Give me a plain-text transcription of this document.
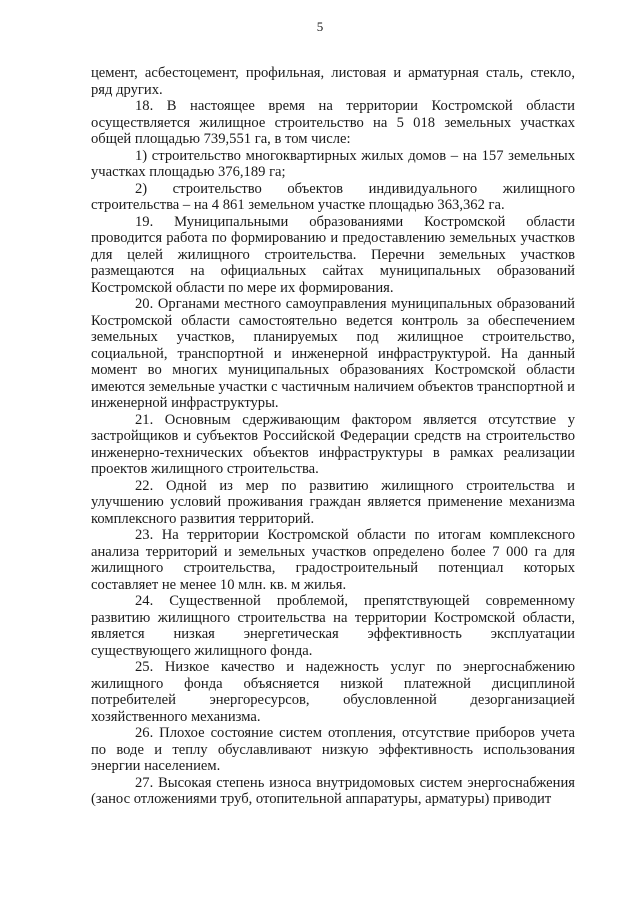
5

цемент, асбестоцемент, профильная, листовая и арматурная сталь, стекло, ряд других.

18. В настоящее время на территории Костромской области осуществляется жилищное строительство на 5 018 земельных участках общей площадью 739,551 га, в том числе:

1) строительство многоквартирных жилых домов – на 157 земельных участках площадью 376,189 га;

2) строительство объектов индивидуального жилищного строительства – на 4 861 земельном участке площадью 363,362 га.

19. Муниципальными образованиями Костромской области проводится работа по формированию и предоставлению земельных участков для целей жилищного строительства. Перечни земельных участков размещаются на официальных сайтах муниципальных образований Костромской области по мере их формирования.

20. Органами местного самоуправления муниципальных образований Костромской области самостоятельно ведется контроль за обеспечением земельных участков, планируемых под жилищное строительство, социальной, транспортной и инженерной инфраструктурой. На данный момент во многих муниципальных образованиях Костромской области имеются земельные участки с частичным наличием объектов транспортной и инженерной инфраструктуры.

21. Основным сдерживающим фактором является отсутствие у застройщиков и субъектов Российской Федерации средств на строительство инженерно-технических объектов инфраструктуры в рамках реализации проектов жилищного строительства.

22. Одной из мер по развитию жилищного строительства и улучшению условий проживания граждан является применение механизма комплексного развития территорий.

23. На территории Костромской области по итогам комплексного анализа территорий и земельных участков определено более 7 000 га для жилищного строительства, градостроительный потенциал которых составляет не менее 10 млн. кв. м жилья.

24. Существенной проблемой, препятствующей современному развитию жилищного строительства на территории Костромской области, является низкая энергетическая эффективность эксплуатации существующего жилищного фонда.

25. Низкое качество и надежность услуг по энергоснабжению жилищного фонда объясняется низкой платежной дисциплиной потребителей энергоресурсов, обусловленной дезорганизацией хозяйственного механизма.

26. Плохое состояние систем отопления, отсутствие приборов учета по воде и теплу обуславливают низкую эффективность использования энергии населением.

27. Высокая степень износа внутридомовых систем энергоснабжения (занос отложениями труб, отопительной аппаратуры, арматуры) приводит
